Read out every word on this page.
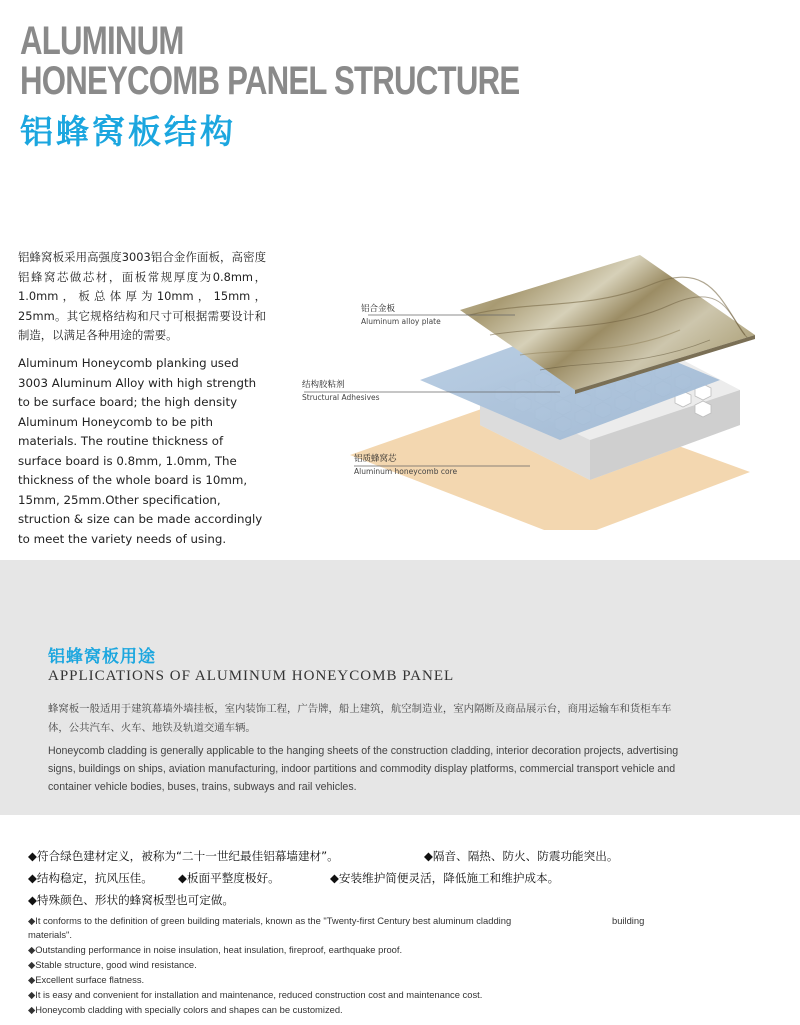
ALUMINUM
HONEYCOMB PANEL STRUCTURE
铝蜂窝板结构
铝蜂窝板采用高强度3003铝合金作面板，高密度铝蜂窝芯做芯材，面板常规厚度为0.8mm，1.0mm，板总体厚为10mm，15mm，25mm。其它规格结构和尺寸可根据需要设计和制造，以满足各种用途的需要。
Aluminum Honeycomb planking used 3003 Aluminum Alloy with high strength to be surface board; the high density Aluminum Honeycomb to be pith materials. The routine thickness of surface board is 0.8mm, 1.0mm, The thickness of the whole board is 10mm, 15mm, 25mm.Other specification, struction & size can be made accordingly to meet the variety needs of using.
铝合金板
Aluminum alloy plate
结构胶粘剂
Structural Adhesives
铝质蜂窝芯
Aluminum honeycomb core
铝蜂窝板用途
APPLICATIONS OF ALUMINUM HONEYCOMB PANEL
蜂窝板一般适用于建筑幕墙外墙挂板，室内装饰工程，广告牌，船上建筑，航空制造业，室内隔断及商品展示台，商用运输车和货柜车车体，公共汽车、火车、地铁及轨道交通车辆。
Honeycomb cladding is generally applicable to the hanging sheets of the construction cladding, interior decoration projects, advertising signs, buildings on ships, aviation manufacturing, indoor partitions and commodity display platforms, commercial transport vehicle and container vehicle bodies, buses, trains, subways and rail vehicles.
◆符合绿色建材定义，被称为“二十一世纪最佳铝幕墙建材”。	◆隔音、隔热、防火、防震功能突出。
◆结构稳定，抗风压佳。 ◆板面平整度极好。	◆安装维护简便灵活，降低施工和维护成本。
◆特殊颜色、形状的蜂窝板型也可定做。
◆It conforms to the definition of green building materials, known as the "Twenty-first Century best aluminum cladding	building
materials".
◆Outstanding performance in noise insulation, heat insulation, fireproof, earthquake proof.
◆Stable structure, good wind resistance.
◆Excellent surface flatness.
◆It is easy and convenient for installation and maintenance, reduced construction cost and maintenance cost.
◆Honeycomb cladding with specially colors and shapes can be customized.
